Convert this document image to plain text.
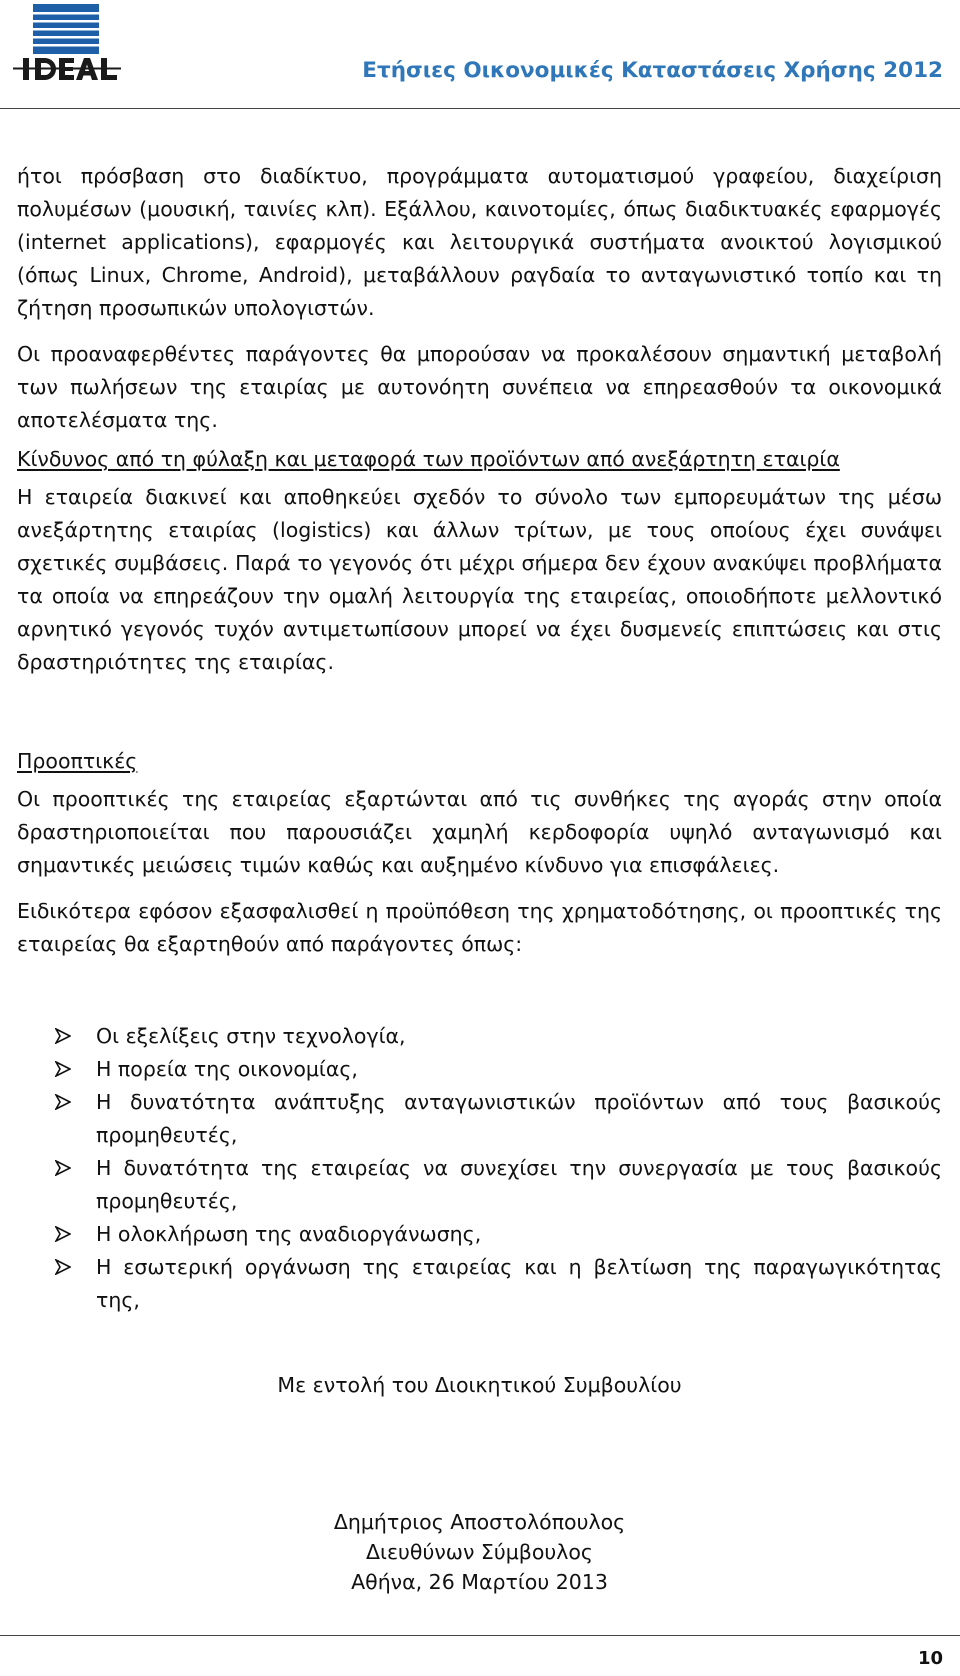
Ετήσιες Οικονομικές Καταστάσεις Χρήσης 2012

ήτοι πρόσβαση στο διαδίκτυο, προγράμματα αυτοματισμού γραφείου, διαχείριση πολυμέσων (μουσική, ταινίες κλπ). Εξάλλου, καινοτομίες, όπως διαδικτυακές εφαρμογές (internet applications), εφαρμογές και λειτουργικά συστήματα ανοικτού λογισμικού (όπως Linux, Chrome, Android), μεταβάλλουν ραγδαία το ανταγωνιστικό τοπίο και τη ζήτηση προσωπικών υπολογιστών.

Οι προαναφερθέντες παράγοντες θα μπορούσαν να προκαλέσουν σημαντική μεταβολή των πωλήσεων της εταιρίας με αυτονόητη συνέπεια να επηρεασθούν τα οικονομικά αποτελέσματα της.

Κίνδυνος από τη φύλαξη και μεταφορά των προϊόντων από ανεξάρτητη εταιρία

Η εταιρεία διακινεί και αποθηκεύει σχεδόν το σύνολο των εμπορευμάτων της μέσω ανεξάρτητης εταιρίας (logistics) και άλλων τρίτων, με τους οποίους έχει συνάψει σχετικές συμβάσεις. Παρά το γεγονός ότι μέχρι σήμερα δεν έχουν ανακύψει προβλήματα τα οποία να επηρεάζουν την ομαλή λειτουργία της εταιρείας, οποιοδήποτε μελλοντικό αρνητικό γεγονός τυχόν αντιμετωπίσουν μπορεί να έχει δυσμενείς επιπτώσεις και στις δραστηριότητες της εταιρίας.

Προοπτικές

Οι προοπτικές της εταιρείας εξαρτώνται από τις συνθήκες της αγοράς στην οποία δραστηριοποιείται που παρουσιάζει χαμηλή κερδοφορία υψηλό ανταγωνισμό και σημαντικές μειώσεις τιμών καθώς και αυξημένο κίνδυνο για επισφάλειες.

Ειδικότερα εφόσον εξασφαλισθεί η προϋπόθεση της χρηματοδότησης, οι προοπτικές της εταιρείας θα εξαρτηθούν από παράγοντες όπως:

Οι εξελίξεις στην τεχνολογία,
Η πορεία της οικονομίας,
Η δυνατότητα ανάπτυξης ανταγωνιστικών προϊόντων από τους βασικούς προμηθευτές,
Η δυνατότητα της εταιρείας να συνεχίσει την συνεργασία με τους βασικούς προμηθευτές,
Η ολοκλήρωση της αναδιοργάνωσης,
Η εσωτερική οργάνωση της εταιρείας και η βελτίωση της παραγωγικότητας της,

Με εντολή του Διοικητικού Συμβουλίου

Δημήτριος Αποστολόπουλος
Διευθύνων Σύμβουλος
Αθήνα, 26 Μαρτίου 2013
10
